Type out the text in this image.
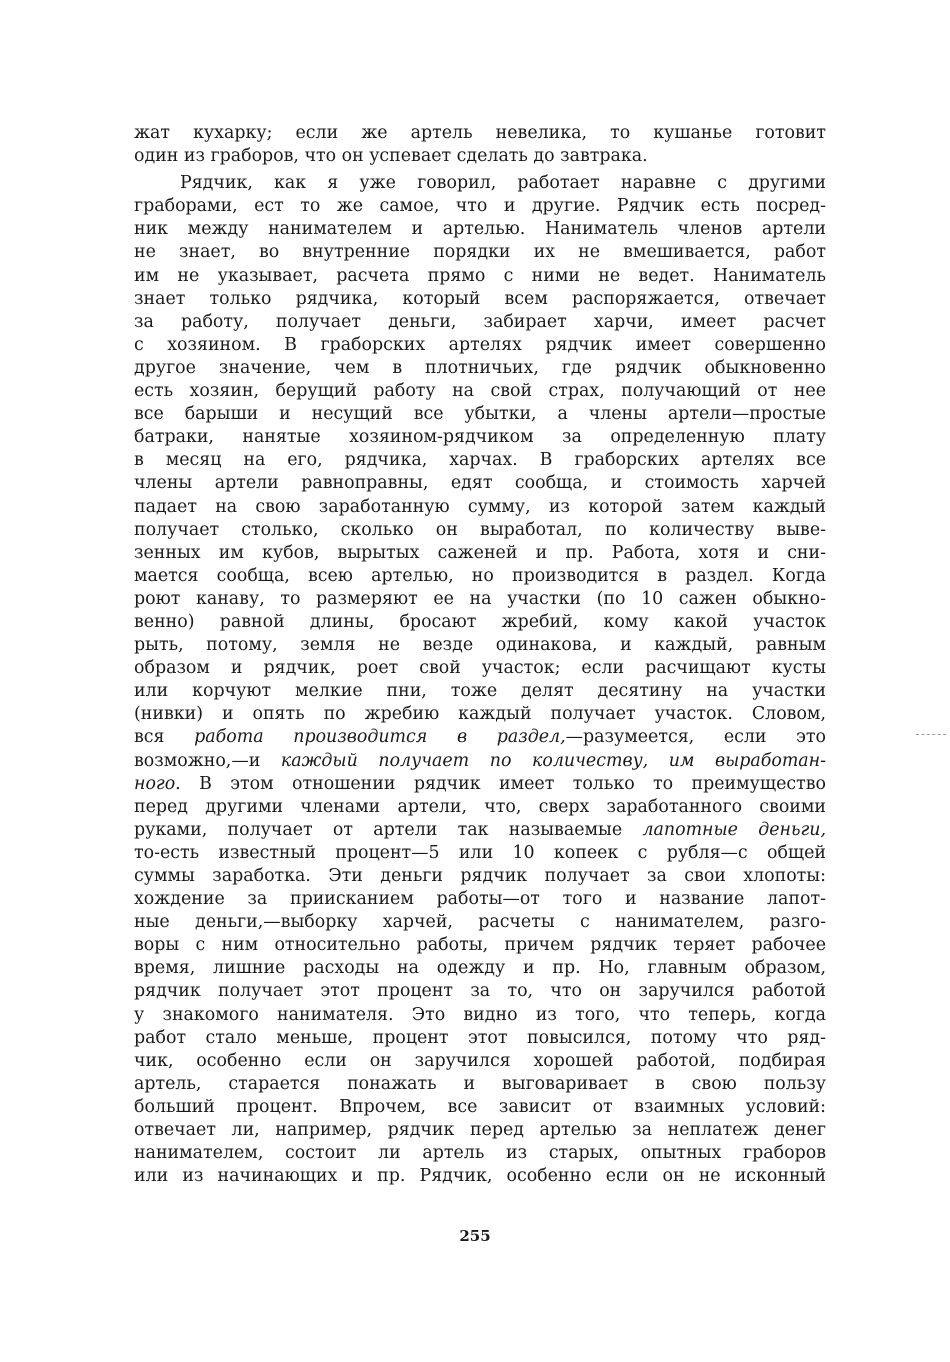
жат кухарку; если же артель невелика, то кушанье готовит
один из граборов, что он успевает сделать до завтрака.
Рядчик, как я уже говорил, работает наравне с другими
граборами, ест то же самое, что и другие. Рядчик есть посред-
ник между нанимателем и артелью. Наниматель членов артели
не знает, во внутренние порядки их не вмешивается, работ
им не указывает, расчета прямо с ними не ведет. Наниматель
знает только рядчика, который всем распоряжается, отвечает
за работу, получает деньги, забирает харчи, имеет расчет
с хозяином. В граборских артелях рядчик имеет совершенно
другое значение, чем в плотничьих, где рядчик обыкновенно
есть хозяин, берущий работу на свой страх, получающий от нее
все барыши и несущий все убытки, а члены артели—простые
батраки, нанятые хозяином-рядчиком за определенную плату
в месяц на его, рядчика, харчах. В граборских артелях все
члены артели равноправны, едят сообща, и стоимость харчей
падает на свою заработанную сумму, из которой затем каждый
получает столько, сколько он выработал, по количеству выве-
зенных им кубов, вырытых саженей и пр. Работа, хотя и сни-
мается сообща, всею артелью, но производится в раздел. Когда
роют канаву, то размеряют ее на участки (по 10 сажен обыкно-
венно) равной длины, бросают жребий, кому какой участок
рыть, потому, земля не везде одинакова, и каждый, равным
образом и рядчик, роет свой участок; если расчищают кусты
или корчуют мелкие пни, тоже делят десятину на участки
(нивки) и опять по жребию каждый получает участок. Словом,
вся работа производится в раздел,—разумеется, если это
возможно,—и каждый получает по количеству, им выработан-
ного. В этом отношении рядчик имеет только то преимущество
перед другими членами артели, что, сверх заработанного своими
руками, получает от артели так называемые лапотные деньги,
то-есть известный процент—5 или 10 копеек с рубля—с общей
суммы заработка. Эти деньги рядчик получает за свои хлопоты:
хождение за приисканием работы—от того и название лапот-
ные деньги,—выборку харчей, расчеты с нанимателем, разго-
воры с ним относительно работы, причем рядчик теряет рабочее
время, лишние расходы на одежду и пр. Но, главным образом,
рядчик получает этот процент за то, что он заручился работой
у знакомого нанимателя. Это видно из того, что теперь, когда
работ стало меньше, процент этот повысился, потому что ряд-
чик, особенно если он заручился хорошей работой, подбирая
артель, старается понажать и выговаривает в свою пользу
больший процент. Впрочем, все зависит от взаимных условий:
отвечает ли, например, рядчик перед артелью за неплатеж денег
нанимателем, состоит ли артель из старых, опытных граборов
или из начинающих и пр. Рядчик, особенно если он не исконный
255
